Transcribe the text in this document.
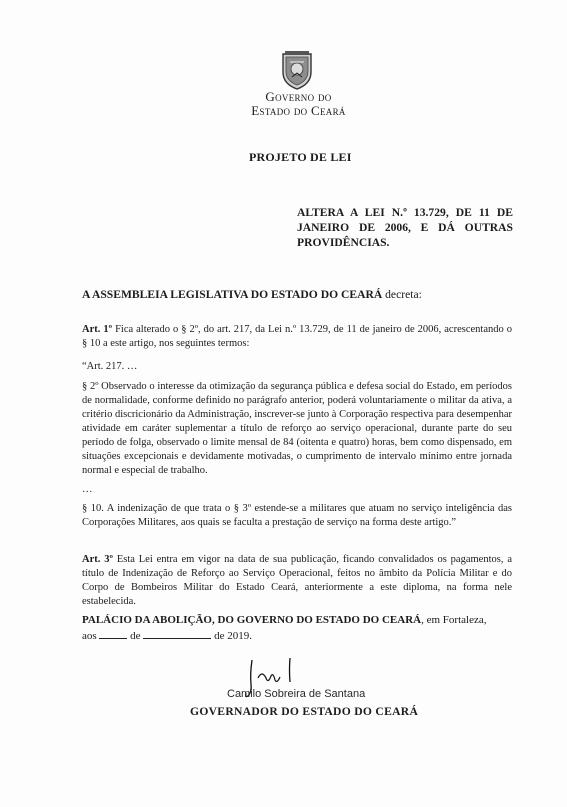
Governo do
Estado do Ceará
PROJETO DE LEI
ALTERA A LEI N.º 13.729, DE 11 DE JANEIRO DE 2006, E DÁ OUTRAS PROVIDÊNCIAS.
A ASSEMBLEIA LEGISLATIVA DO ESTADO DO CEARÁ decreta:
Art. 1º Fica alterado o § 2º, do art. 217, da Lei n.º 13.729, de 11 de janeiro de 2006, acrescentando o § 10 a este artigo, nos seguintes termos:
“Art. 217. …
§ 2º Observado o interesse da otimização da segurança pública e defesa social do Estado, em períodos de normalidade, conforme definido no parágrafo anterior, poderá voluntariamente o militar da ativa, a critério discricionário da Administração, inscrever-se junto à Corporação respectiva para desempenhar atividade em caráter suplementar a título de reforço ao serviço operacional, durante parte do seu período de folga, observado o limite mensal de 84 (oitenta e quatro) horas, bem como dispensado, em situações excepcionais e devidamente motivadas, o cumprimento de intervalo mínimo entre jornada normal e especial de trabalho.
…
§ 10. A indenização de que trata o § 3º estende-se a militares que atuam no serviço inteligência das Corporações Militares, aos quais se faculta a prestação de serviço na forma deste artigo.”
Art. 3º Esta Lei entra em vigor na data de sua publicação, ficando convalidados os pagamentos, a título de Indenização de Reforço ao Serviço Operacional, feitos no âmbito da Polícia Militar e do Corpo de Bombeiros Militar do Estado Ceará, anteriormente a este diploma, na forma nele estabelecida.
PALÁCIO DA ABOLIÇÃO, DO GOVERNO DO ESTADO DO CEARÁ, em Fortaleza,
aos	de	de 2019.
Camilo Sobreira de Santana
GOVERNADOR DO ESTADO DO CEARÁ
